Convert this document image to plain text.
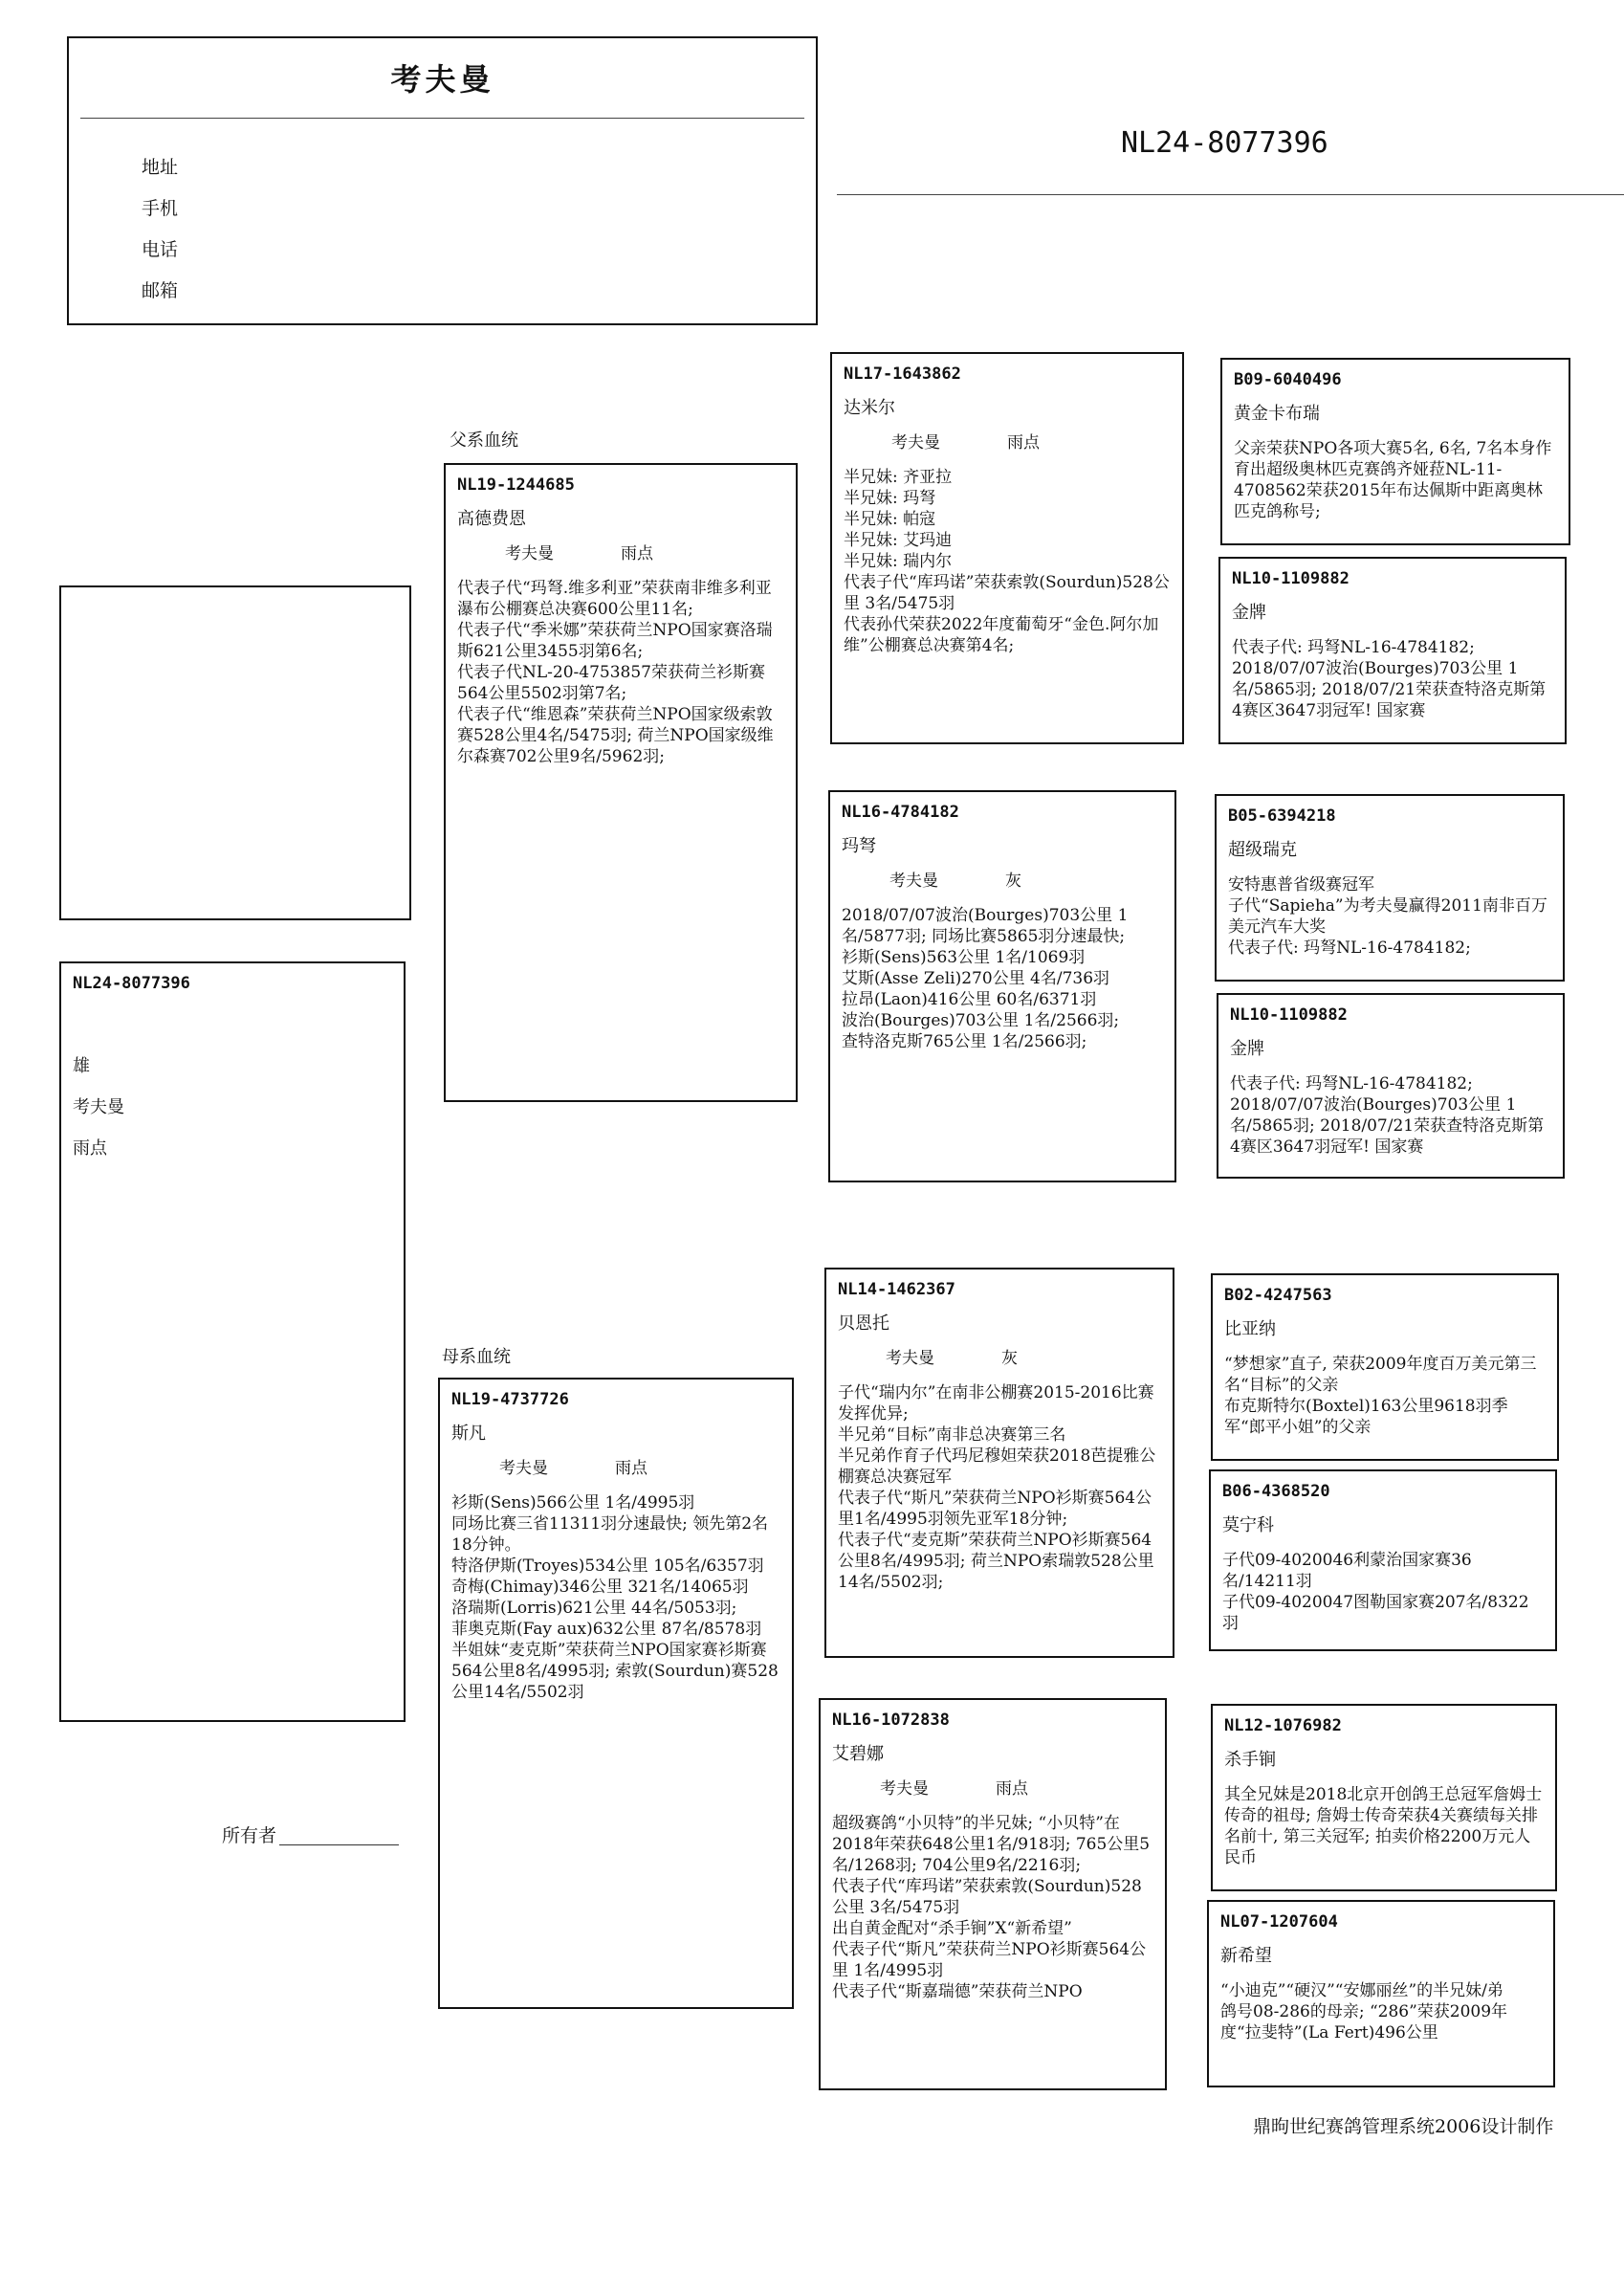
考夫曼
地址
手机
电话
邮箱
NL24-8077396
父系血统
母系血统
NL24-8077396
雄
考夫曼
雨点
所有者
鼎昫世纪赛鸽管理系统2006设计制作
NL19-1244685
高德费恩
考夫曼	雨点
代表子代“玛弩.维多利亚”荣获南非维多利亚瀑布公棚赛总决赛600公里11名;
代表子代“季米娜”荣获荷兰NPO国家赛洛瑞斯621公里3455羽第6名;
代表子代NL-20-4753857荣获荷兰衫斯赛564公里5502羽第7名;
代表子代“维恩森”荣获荷兰NPO国家级索敦赛528公里4名/5475羽; 荷兰NPO国家级维尔森赛702公里9名/5962羽;
NL19-4737726
斯凡
考夫曼	雨点
衫斯(Sens)566公里 1名/4995羽
同场比赛三省11311羽分速最快; 领先第2名18分钟。
特洛伊斯(Troyes)534公里 105名/6357羽
奇梅(Chimay)346公里 321名/14065羽
洛瑞斯(Lorris)621公里 44名/5053羽;
菲奥克斯(Fay aux)632公里 87名/8578羽
半姐妹“麦克斯”荣获荷兰NPO国家赛衫斯赛564公里8名/4995羽; 索敦(Sourdun)赛528公里14名/5502羽
NL17-1643862
达米尔
考夫曼	雨点
半兄妹: 齐亚拉
半兄妹: 玛弩
半兄妹: 帕寇
半兄妹: 艾玛迪
半兄妹: 瑞内尔
代表子代“库玛诺”荣获索敦(Sourdun)528公里 3名/5475羽
代表孙代荣获2022年度葡萄牙“金色.阿尔加维”公棚赛总决赛第4名;
NL16-4784182
玛弩
考夫曼	灰
2018/07/07波治(Bourges)703公里 1名/5877羽; 同场比赛5865羽分速最快;
衫斯(Sens)563公里 1名/1069羽
艾斯(Asse Zeli)270公里 4名/736羽
拉昂(Laon)416公里 60名/6371羽
波治(Bourges)703公里 1名/2566羽;
查特洛克斯765公里 1名/2566羽;
NL14-1462367
贝恩托
考夫曼	灰
子代“瑞内尔”在南非公棚赛2015-2016比赛发挥优异;
半兄弟“目标”南非总决赛第三名
半兄弟作育子代玛尼穆妲荣获2018芭提雅公棚赛总决赛冠军
代表子代“斯凡”荣获荷兰NPO衫斯赛564公里1名/4995羽领先亚军18分钟;
代表子代“麦克斯”荣获荷兰NPO衫斯赛564公里8名/4995羽; 荷兰NPO索瑞敦528公里14名/5502羽;
NL16-1072838
艾碧娜
考夫曼	雨点
超级赛鸽“小贝特”的半兄妹; “小贝特”在2018年荣获648公里1名/918羽; 765公里5名/1268羽; 704公里9名/2216羽;
代表子代“库玛诺”荣获索敦(Sourdun)528公里 3名/5475羽
出自黄金配对“杀手锏”X“新希望”
代表子代“斯凡”荣获荷兰NPO衫斯赛564公里 1名/4995羽
代表子代“斯嘉瑞德”荣获荷兰NPO
B09-6040496
黄金卡布瑞
父亲荣获NPO各项大赛5名, 6名, 7名本身作育出超级奥林匹克赛鸽齐娅菈NL-11-4708562荣获2015年布达佩斯中距离奥林匹克鸽称号;
NL10-1109882
金牌
代表子代: 玛弩NL-16-4784182; 2018/07/07波治(Bourges)703公里 1名/5865羽; 2018/07/21荣获查特洛克斯第4赛区3647羽冠军! 国家赛
B05-6394218
超级瑞克
安特惠普省级赛冠军
子代“Sapieha”为考夫曼赢得2011南非百万美元汽车大奖
代表子代: 玛弩NL-16-4784182;
NL10-1109882
金牌
代表子代: 玛弩NL-16-4784182; 2018/07/07波治(Bourges)703公里 1名/5865羽; 2018/07/21荣获查特洛克斯第4赛区3647羽冠军! 国家赛
B02-4247563
比亚纳
“梦想家”直子, 荣获2009年度百万美元第三名“目标”的父亲
布克斯特尔(Boxtel)163公里9618羽季军“郎平小姐”的父亲
B06-4368520
莫宁科
子代09-4020046利蒙治国家赛36名/14211羽
子代09-4020047图勒国家赛207名/8322羽
NL12-1076982
杀手锏
其全兄妹是2018北京开创鸽王总冠军詹姆士传奇的祖母; 詹姆士传奇荣获4关赛绩每关排名前十, 第三关冠军; 拍卖价格2200万元人民币
NL07-1207604
新希望
“小迪克”“硬汉”“安娜丽丝”的半兄妹/弟
鸽号08-286的母亲; “286”荣获2009年度“拉斐特”(La Fert)496公里
